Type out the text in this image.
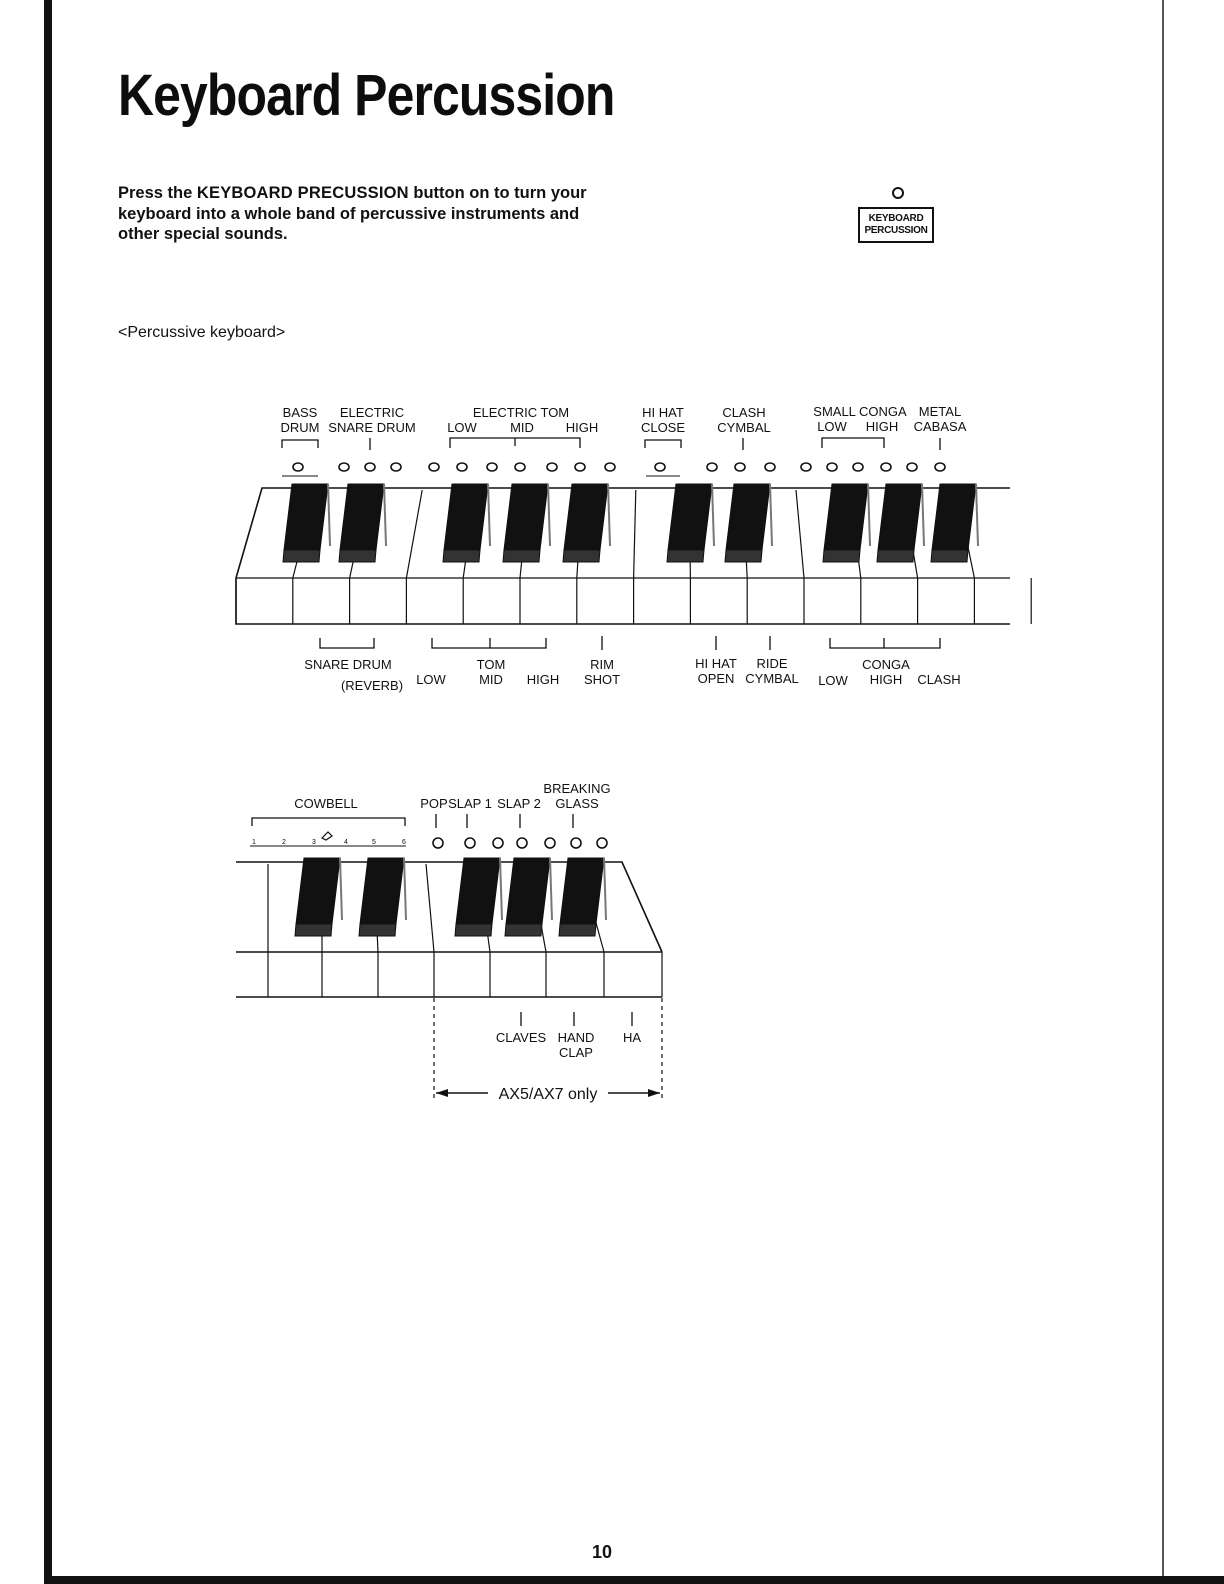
Keyboard Percussion

Press the KEYBOARD PRECUSSION button on to turn your keyboard into a whole band of percussive instruments and other special sounds.

KEYBOARD
PERCUSSION
<Percussive keyboard>
BASS
DRUM
ELECTRIC
SNARE DRUM
ELECTRIC TOM
LOW	MID HIGH
HI HAT
CLOSE
CLASH
CYMBAL
SMALL CONGA
LOW HIGH
METAL
CABASA
SNARE DRUM
(REVERB) LOW
TOM
MID HIGH
RIM
SHOT
HI HAT
OPEN
RIDE
CYMBAL LOW
CONGA
HIGH CLASH
1	2	3	4	5	6
COWBELL	POP SLAP 1 SLAP 2
BREAKING
GLASS
CLAVES HAND
CLAP
HA
AX5/AX7 only
10
